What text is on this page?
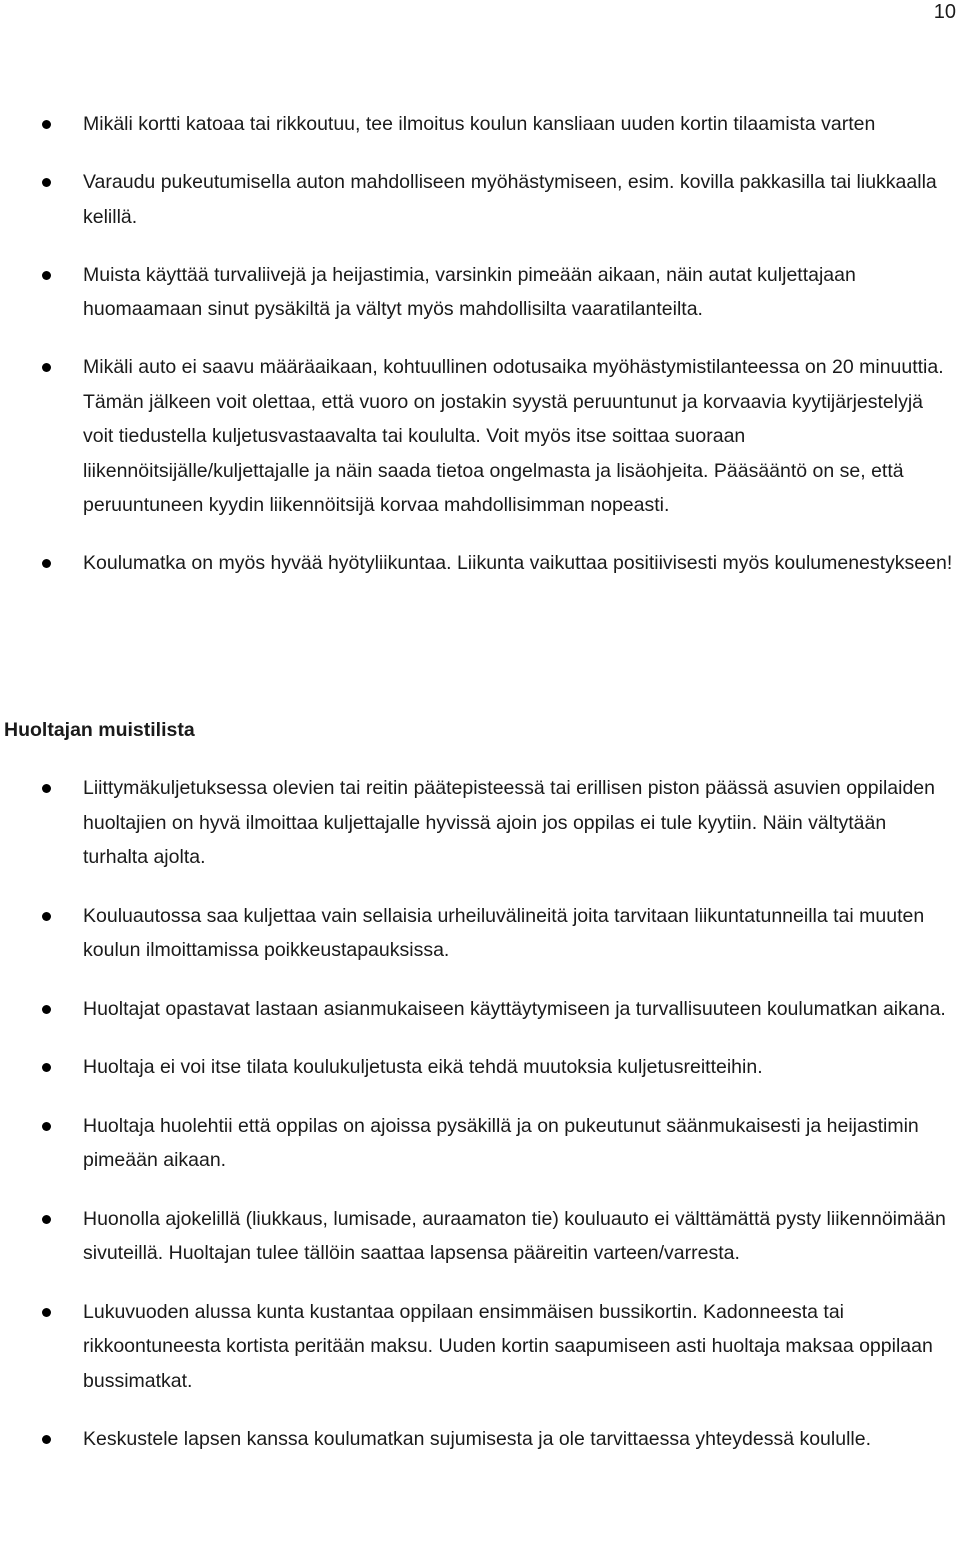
10
Mikäli kortti katoaa tai rikkoutuu, tee ilmoitus koulun kansliaan uuden kortin tilaamista varten
Varaudu pukeutumisella auton mahdolliseen myöhästymiseen, esim. kovilla pakkasilla tai liukkaalla kelillä.
Muista käyttää turvaliivejä ja heijastimia, varsinkin pimeään aikaan, näin autat kuljettajaan huomaamaan sinut pysäkiltä ja vältyt myös mahdollisilta vaaratilanteilta.
Mikäli auto ei saavu määräaikaan, kohtuullinen odotusaika myöhästymistilanteessa on 20 minuuttia. Tämän jälkeen voit olettaa, että vuoro on jostakin syystä peruuntunut ja korvaavia kyytijärjestelyjä voit tiedustella kuljetusvastaavalta tai koululta. Voit myös itse soittaa suoraan liikennöitsijälle/kuljettajalle ja näin saada tietoa ongelmasta ja lisäohjeita. Pääsääntö on se, että peruuntuneen kyydin liikennöitsijä korvaa mahdollisimman nopeasti.
Koulumatka on myös hyvää hyötyliikuntaa. Liikunta vaikuttaa positiivisesti myös koulumenestykseen!
Huoltajan muistilista
Liittymäkuljetuksessa olevien tai reitin päätepisteessä tai erillisen piston päässä asuvien oppilaiden huoltajien on hyvä ilmoittaa kuljettajalle hyvissä ajoin jos oppilas ei tule kyytiin. Näin vältytään turhalta ajolta.
Kouluautossa saa kuljettaa vain sellaisia urheiluvälineitä joita tarvitaan liikuntatunneilla tai muuten koulun ilmoittamissa poikkeustapauksissa.
Huoltajat opastavat lastaan asianmukaiseen käyttäytymiseen ja turvallisuuteen koulumatkan aikana.
Huoltaja ei voi itse tilata koulukuljetusta eikä tehdä muutoksia kuljetusreitteihin.
Huoltaja huolehtii että oppilas on ajoissa pysäkillä ja on pukeutunut säänmukaisesti ja heijastimin pimeään aikaan.
Huonolla ajokelillä (liukkaus, lumisade, auraamaton tie) kouluauto ei välttämättä pysty liikennöimään sivuteillä. Huoltajan tulee tällöin saattaa lapsensa pääreitin varteen/varresta.
Lukuvuoden alussa kunta kustantaa oppilaan ensimmäisen bussikortin. Kadonneesta tai rikkoontuneesta kortista peritään maksu. Uuden kortin saapumiseen asti huoltaja maksaa oppilaan bussimatkat.
Keskustele lapsen kanssa koulumatkan sujumisesta ja ole tarvittaessa yhteydessä koululle.
